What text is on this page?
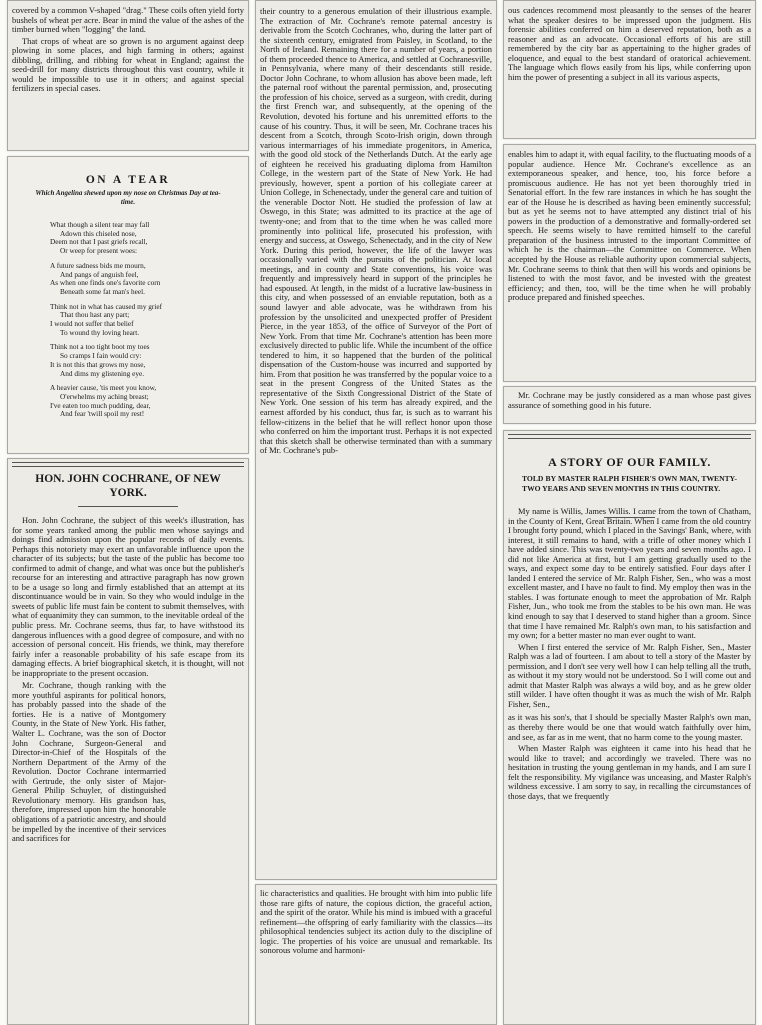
covered by a common V-shaped "drag." These coils often yield forty bushels of wheat per acre. Bear in mind the value of the ashes of the timber burned when "logging" the land.

That crops of wheat are so grown is no argument against deep plowing in some places, and high farming in others; against dibbling, drilling, and ribbing for wheat in England; against the seed-drill for many districts throughout this vast country, while it would be impossible to use it in others; and against special fertilizers in special cases.

ON A TEAR
Which Angelina shewed upon my nose on Christmas Day at tea-time.
What though a silent tear may fall
Adown this chiseled nose,
Deem not that I past griefs recall,
Or weep for present woes:
A future sadness bids me mourn,
And pangs of anguish feel,
As when one finds one's favorite corn
Beneath some fat man's heel.
Think not in what has caused my grief
That thou hast any part;
I would not suffer that belief
To wound thy loving heart.
Think not a too tight boot my toes
So cramps I fain would cry:
It is not this that grows my nose,
And dims my glistening eye.
A heavier cause, 'tis meet you know,
O'erwhelms my aching breast;
I've eaten too much pudding, dear,
And fear 'twill spoil my rest!
HON. JOHN COCHRANE, OF NEW YORK.

Hon. John Cochrane, the subject of this week's illustration, has for some years ranked among the public men whose sayings and doings find admission upon the popular records of daily events. Perhaps this notoriety may exert an unfavorable influence upon the character of its subjects; but the taste of the public has become too confirmed to admit of change, and what was once but the publisher's recourse for an interesting and attractive paragraph has now grown to be a usage so long and firmly established that an attempt at its discontinuance would be in vain. So they who would indulge in the sweets of public life must fain be content to submit themselves, with what of equanimity they can summon, to the inevitable ordeal of the public press. Mr. Cochrane seems, thus far, to have withstood its dangerous influences with a good degree of composure, and with no accession of personal conceit. His friends, we think, may therefore fairly infer a reasonable probability of his safe escape from its damaging effects. A brief biographical sketch, it is thought, will not be inappropriate to the present occasion.

Mr. Cochrane, though ranking with the more youthful aspirants for political honors, has probably passed into the shade of the forties. He is a native of Montgomery County, in the State of New York. His father, Walter L. Cochrane, was the son of Doctor John Cochrane, Surgeon-General and Director-in-Chief of the Hospitals of the Northern Department of the Army of the Revolution. Doctor Cochrane intermarried with Gertrude, the only sister of Major-General Philip Schuyler, of distinguished Revolutionary memory. His grandson has, therefore, impressed upon him the honorable obligations of a patriotic ancestry, and should be impelled by the incentive of their services and sacrifices for

their country to a generous emulation of their illustrious example. The extraction of Mr. Cochrane's remote paternal ancestry is derivable from the Scotch Cochranes, who, during the latter part of the sixteenth century, emigrated from Paisley, in Scotland, to the North of Ireland. Remaining there for a number of years, a portion of them proceeded thence to America, and settled at Cochranesville, in Pennsylvania, where many of their descendants still reside. Doctor John Cochrane, to whom allusion has above been made, left the paternal roof without the parental permission, and, prosecuting the profession of his choice, served as a surgeon, with credit, during the first French war, and subsequently, at the opening of the Revolution, devoted his fortune and his unremitted efforts to the cause of his country. Thus, it will be seen, Mr. Cochrane traces his descent from a Scotch, through Scoto-Irish origin, down through various intermarriages of his immediate progenitors, in America, with the good old stock of the Netherlands Dutch. At the early age of eighteen he received his graduating diploma from Hamilton College, in the western part of the State of New York. He had previously, however, spent a portion of his collegiate career at Union College, in Schenectady, under the general care and tuition of the venerable Doctor Nott. He studied the profession of law at Oswego, in this State; was admitted to its practice at the age of twenty-one; and from that to the time when he was called more prominently into political life, prosecuted his profession, with energy and success, at Oswego, Schenectady, and in the city of New York. During this period, however, the life of the lawyer was occasionally varied with the pursuits of the politician. At local meetings, and in county and State conventions, his voice was frequently and impressively heard in support of the principles he had espoused. At length, in the midst of a lucrative law-business in this city, and when possessed of an enviable reputation, both as a sound lawyer and able advocate, was he withdrawn from his profession by the unsolicited and unexpected proffer of President Pierce, in the year 1853, of the office of Surveyor of the Port of New York. From that time Mr. Cochrane's attention has been more exclusively directed to public life. While the incumbent of the office tendered to him, it so happened that the burden of the political dispensation of the Custom-house was incurred and supported by him. From that position he was transferred by the popular voice to a seat in the present Congress of the United States as the representative of the Sixth Congressional District of the State of New York. One session of his term has already expired, and the earnest afforded by his conduct, thus far, is such as to warrant his fellow-citizens in the belief that he will reflect honor upon those who conferred on him the important trust. Perhaps it is not expected that this sketch shall be otherwise terminated than with a summary of Mr. Cochrane's pub-

lic characteristics and qualities. He brought with him into public life those rare gifts of nature, the copious diction, the graceful action, and the spirit of the orator. While his mind is imbued with a graceful refinement—the offspring of early familiarity with the classics—its philosophical tendencies subject its action duly to the discipline of logic. The properties of his voice are unusual and remarkable. Its sonorous volume and harmoni-

ous cadences recommend most pleasantly to the senses of the hearer what the speaker desires to be impressed upon the judgment. His forensic abilities conferred on him a deserved reputation, both as a reasoner and as an advocate. Occasional efforts of his are still remembered by the city bar as appertaining to the higher grades of eloquence, and equal to the best standard of oratorical achievement. The language which flows easily from his lips, while conferring upon him the power of presenting a subject in all its various aspects,

enables him to adapt it, with equal facility, to the fluctuating moods of a popular audience. Hence Mr. Cochrane's excellence as an extemporaneous speaker, and hence, too, his force before a promiscuous audience. He has not yet been thoroughly tried in Senatorial effort. In the few rare instances in which he has sought the ear of the House he is described as having been eminently successful; but as yet he seems not to have attempted any distinct trial of his powers in the production of a demonstrative and formally-ordered set speech. He seems wisely to have remitted himself to the careful preparation of the business intrusted to the important Committee of which he is the chairman—the Committee on Commerce. When accepted by the House as reliable authority upon commercial subjects, Mr. Cochrane seems to think that then will his words and opinions be listened to with the most favor, and be invested with the greatest efficiency; and then, too, will be the time when he will probably produce prepared and finished speeches.

Mr. Cochrane may be justly considered as a man whose past gives assurance of something good in his future.

A STORY OF OUR FAMILY.
TOLD BY MASTER RALPH FISHER'S OWN MAN, TWENTY-TWO YEARS AND SEVEN MONTHS IN THIS COUNTRY.

My name is Willis, James Willis. I came from the town of Chatham, in the County of Kent, Great Britain. When I came from the old country I brought forty pound, which I placed in the Savings' Bank, where, with interest, it still remains to hand, with a trifle of other money which I have added since. This was twenty-two years and seven months ago. I did not like America at first, but I am getting gradually used to the ways, and expect some day to be entirely satisfied. Four days after I landed I entered the service of Mr. Ralph Fisher, Sen., who was a most excellent master, and I have no fault to find. My employ then was in the stables. I was fortunate enough to meet the approbation of Mr. Ralph Fisher, Jun., who took me from the stables to be his own man. He was kind enough to say that I deserved to stand higher than a groom. Since that time I have remained Mr. Ralph's own man, to his satisfaction and my own; for a better master no man ever ought to want.

When I first entered the service of Mr. Ralph Fisher, Sen., Master Ralph was a lad of fourteen. I am about to tell a story of the Master by permission, and I don't see very well how I can help telling all the truth, as without it my story would not be understood. So I will come out and admit that Master Ralph was always a wild boy, and as he grew older still wilder. I have often thought it was as much the wish of Mr. Ralph Fisher, Sen.,

as it was his son's, that I should be specially Master Ralph's own man, as thereby there would be one that would watch faithfully over him, and see, as far as in me went, that no harm come to the young master.

When Master Ralph was eighteen it came into his head that he would like to travel; and accordingly we traveled. There was no hesitation in trusting the young gentleman in my hands, and I am sure I felt the responsibility. My vigilance was unceasing, and Master Ralph's wildness excessive. I am sorry to say, in recalling the circumstances of those days, that we frequently
